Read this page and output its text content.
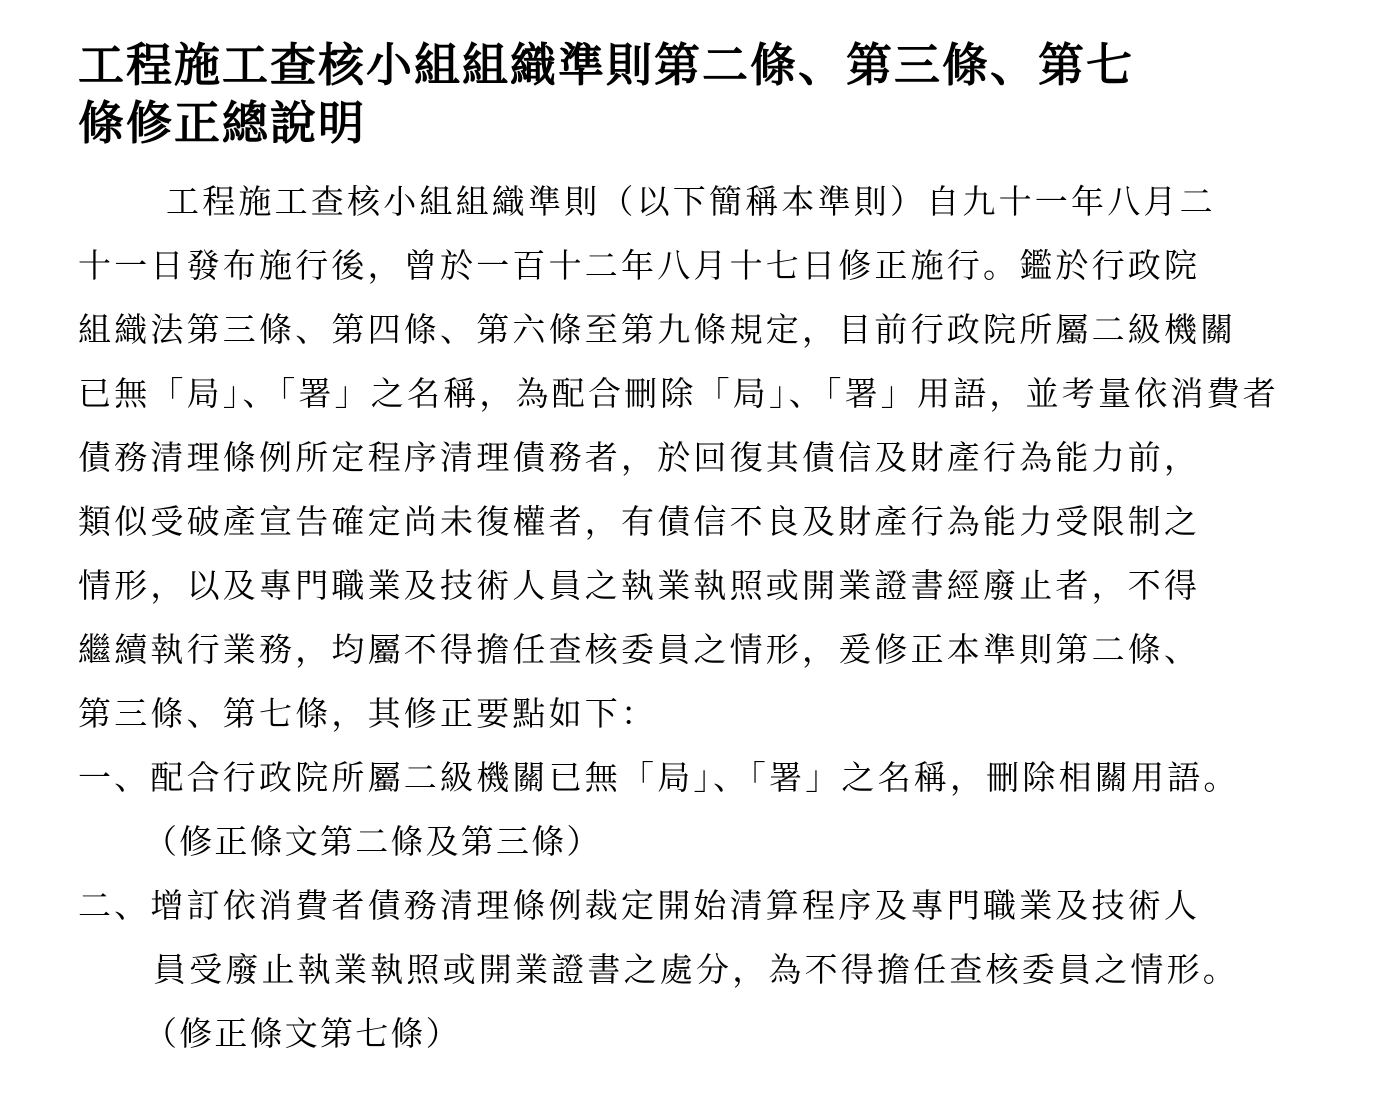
工程施工查核小組組織準則第二條、第三條、第七
條修正總說明
工程施工查核小組組織準則（以下簡稱本準則）自九十一年八月二
十一日發布施行後，曾於一百十二年八月十七日修正施行。鑑於行政院
組織法第三條、第四條、第六條至第九條規定，目前行政院所屬二級機關
已無「局」、「署」之名稱，為配合刪除「局」、「署」用語，並考量依消費者
債務清理條例所定程序清理債務者，於回復其債信及財產行為能力前，
類似受破產宣告確定尚未復權者，有債信不良及財產行為能力受限制之
情形，以及專門職業及技術人員之執業執照或開業證書經廢止者，不得
繼續執行業務，均屬不得擔任查核委員之情形，爰修正本準則第二條、
第三條、第七條，其修正要點如下：
一、配合行政院所屬二級機關已無「局」、「署」之名稱，刪除相關用語。
（修正條文第二條及第三條）
二、增訂依消費者債務清理條例裁定開始清算程序及專門職業及技術人
員受廢止執業執照或開業證書之處分，為不得擔任查核委員之情形。
（修正條文第七條）
